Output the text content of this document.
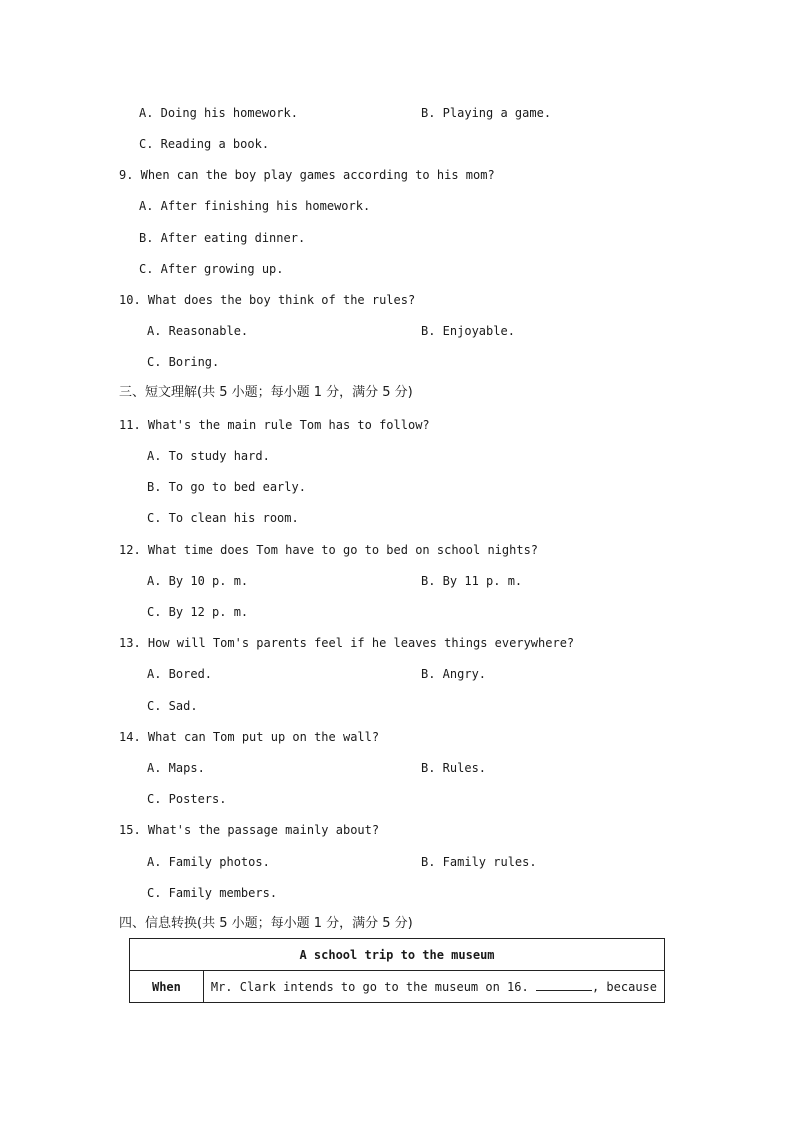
A. Doing his homework.	B. Playing a game.
C. Reading a book.
9. When can the boy play games according to his mom?
A. After finishing his homework.
B. After eating dinner.
C. After growing up.
10. What does the boy think of the rules?
A. Reasonable.	B. Enjoyable.
C. Boring.
三、短文理解(共 5 小题；每小题 1 分，满分 5 分)
11. What's the main rule Tom has to follow?
A. To study hard.
B. To go to bed early.
C. To clean his room.
12. What time does Tom have to go to bed on school nights?
A. By 10 p. m.	B. By 11 p. m.
C. By 12 p. m.
13. How will Tom's parents feel if he leaves things everywhere?
A. Bored.	B. Angry.
C. Sad.
14. What can Tom put up on the wall?
A. Maps.	B. Rules.
C. Posters.
15. What's the passage mainly about?
A. Family photos.	B. Family rules.
C. Family members.
四、信息转换(共 5 小题；每小题 1 分，满分 5 分)
A school trip to the museum
When	Mr. Clark intends to go to the museum on 16.	, because
